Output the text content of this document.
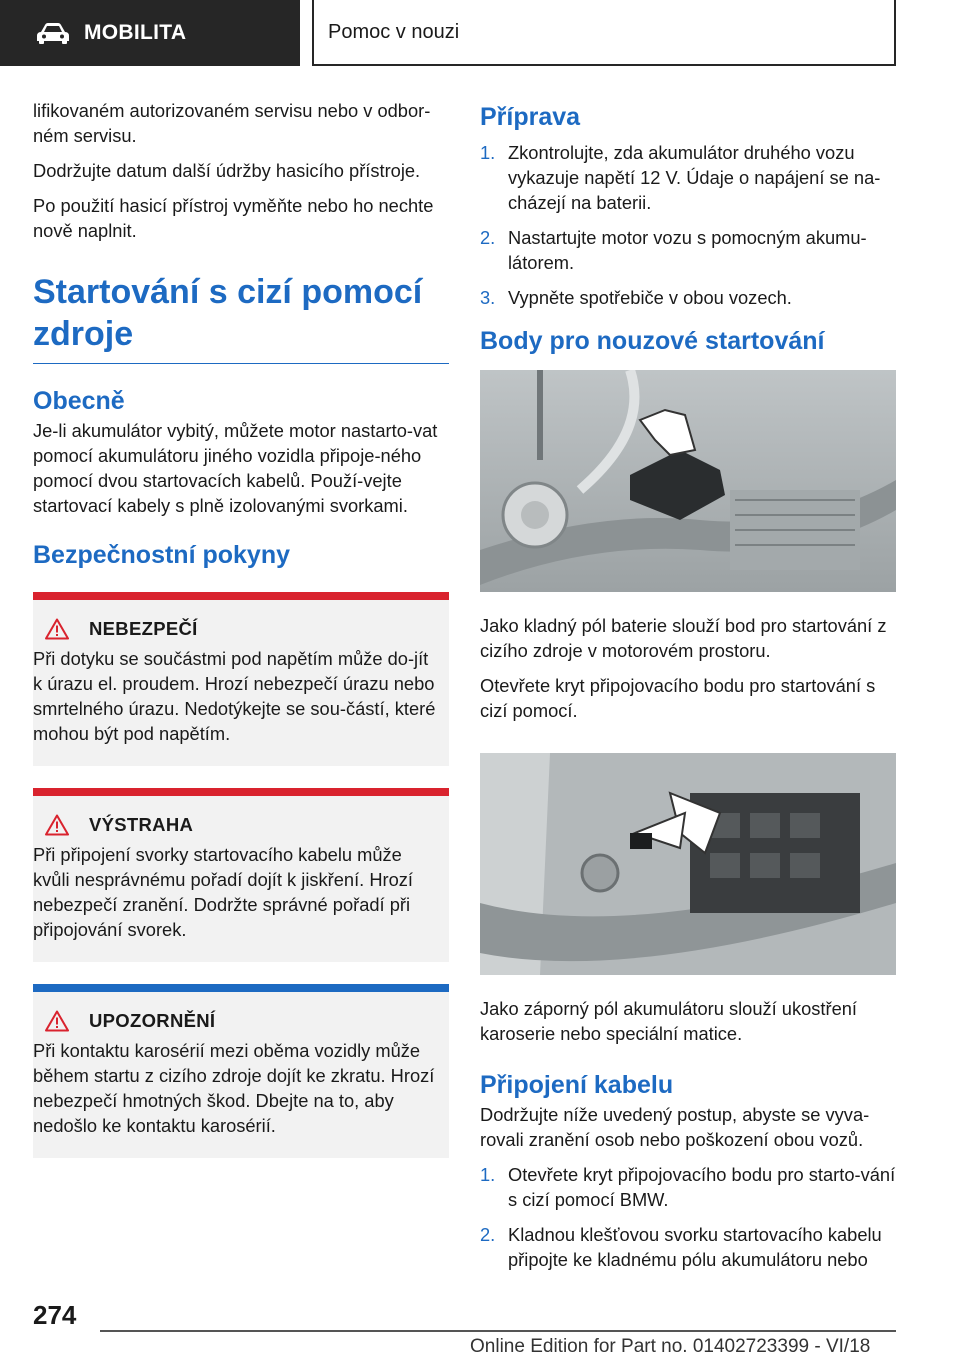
MOBILITA	Pomoc v nouzi

lifikovaném autorizovaném servisu nebo v odbor-ném servisu.

Dodržujte datum další údržby hasicího přístroje.

Po použití hasicí přístroj vyměňte nebo ho nechte nově naplnit.

Startování s cizí pomocí zdroje
Obecně

Je-li akumulátor vybitý, můžete motor nastarto-vat pomocí akumulátoru jiného vozidla připoje-ného pomocí dvou startovacích kabelů. Použí-vejte startovací kabely s plně izolovanými svorkami.

Bezpečnostní pokyny
NEBEZPEČÍ
Při dotyku se součástmi pod napětím může do-jít k úrazu el. proudem. Hrozí nebezpečí úrazu nebo smrtelného úrazu. Nedotýkejte se sou-částí, které mohou být pod napětím.
VÝSTRAHA
Při připojení svorky startovacího kabelu může kvůli nesprávnému pořadí dojít k jiskření. Hrozí nebezpečí zranění. Dodržte správné pořadí při připojování svorek.
UPOZORNĚNÍ
Při kontaktu karosérií mezi oběma vozidly může během startu z cizího zdroje dojít ke zkratu. Hrozí nebezpečí hmotných škod. Dbejte na to, aby nedošlo ke kontaktu karosérií.
Příprava
1. Zkontrolujte, zda akumulátor druhého vozu vykazuje napětí 12 V. Údaje o napájení se na-cházejí na baterii.
2. Nastartujte motor vozu s pomocným akumu-látorem.
3. Vypněte spotřebiče v obou vozech.
Body pro nouzové startování

Jako kladný pól baterie slouží bod pro startování z cizího zdroje v motorovém prostoru.

Otevřete kryt připojovacího bodu pro startování s cizí pomocí.

Jako záporný pól akumulátoru slouží ukostření karoserie nebo speciální matice.

Připojení kabelu

Dodržujte níže uvedený postup, abyste se vyva-rovali zranění osob nebo poškození obou vozů.

1. Otevřete kryt připojovacího bodu pro starto-vání s cizí pomocí BMW.
2. Kladnou klešťovou svorku startovacího kabelu připojte ke kladnému pólu akumulátoru nebo
274
Online Edition for Part no. 01402723399 - VI/18
